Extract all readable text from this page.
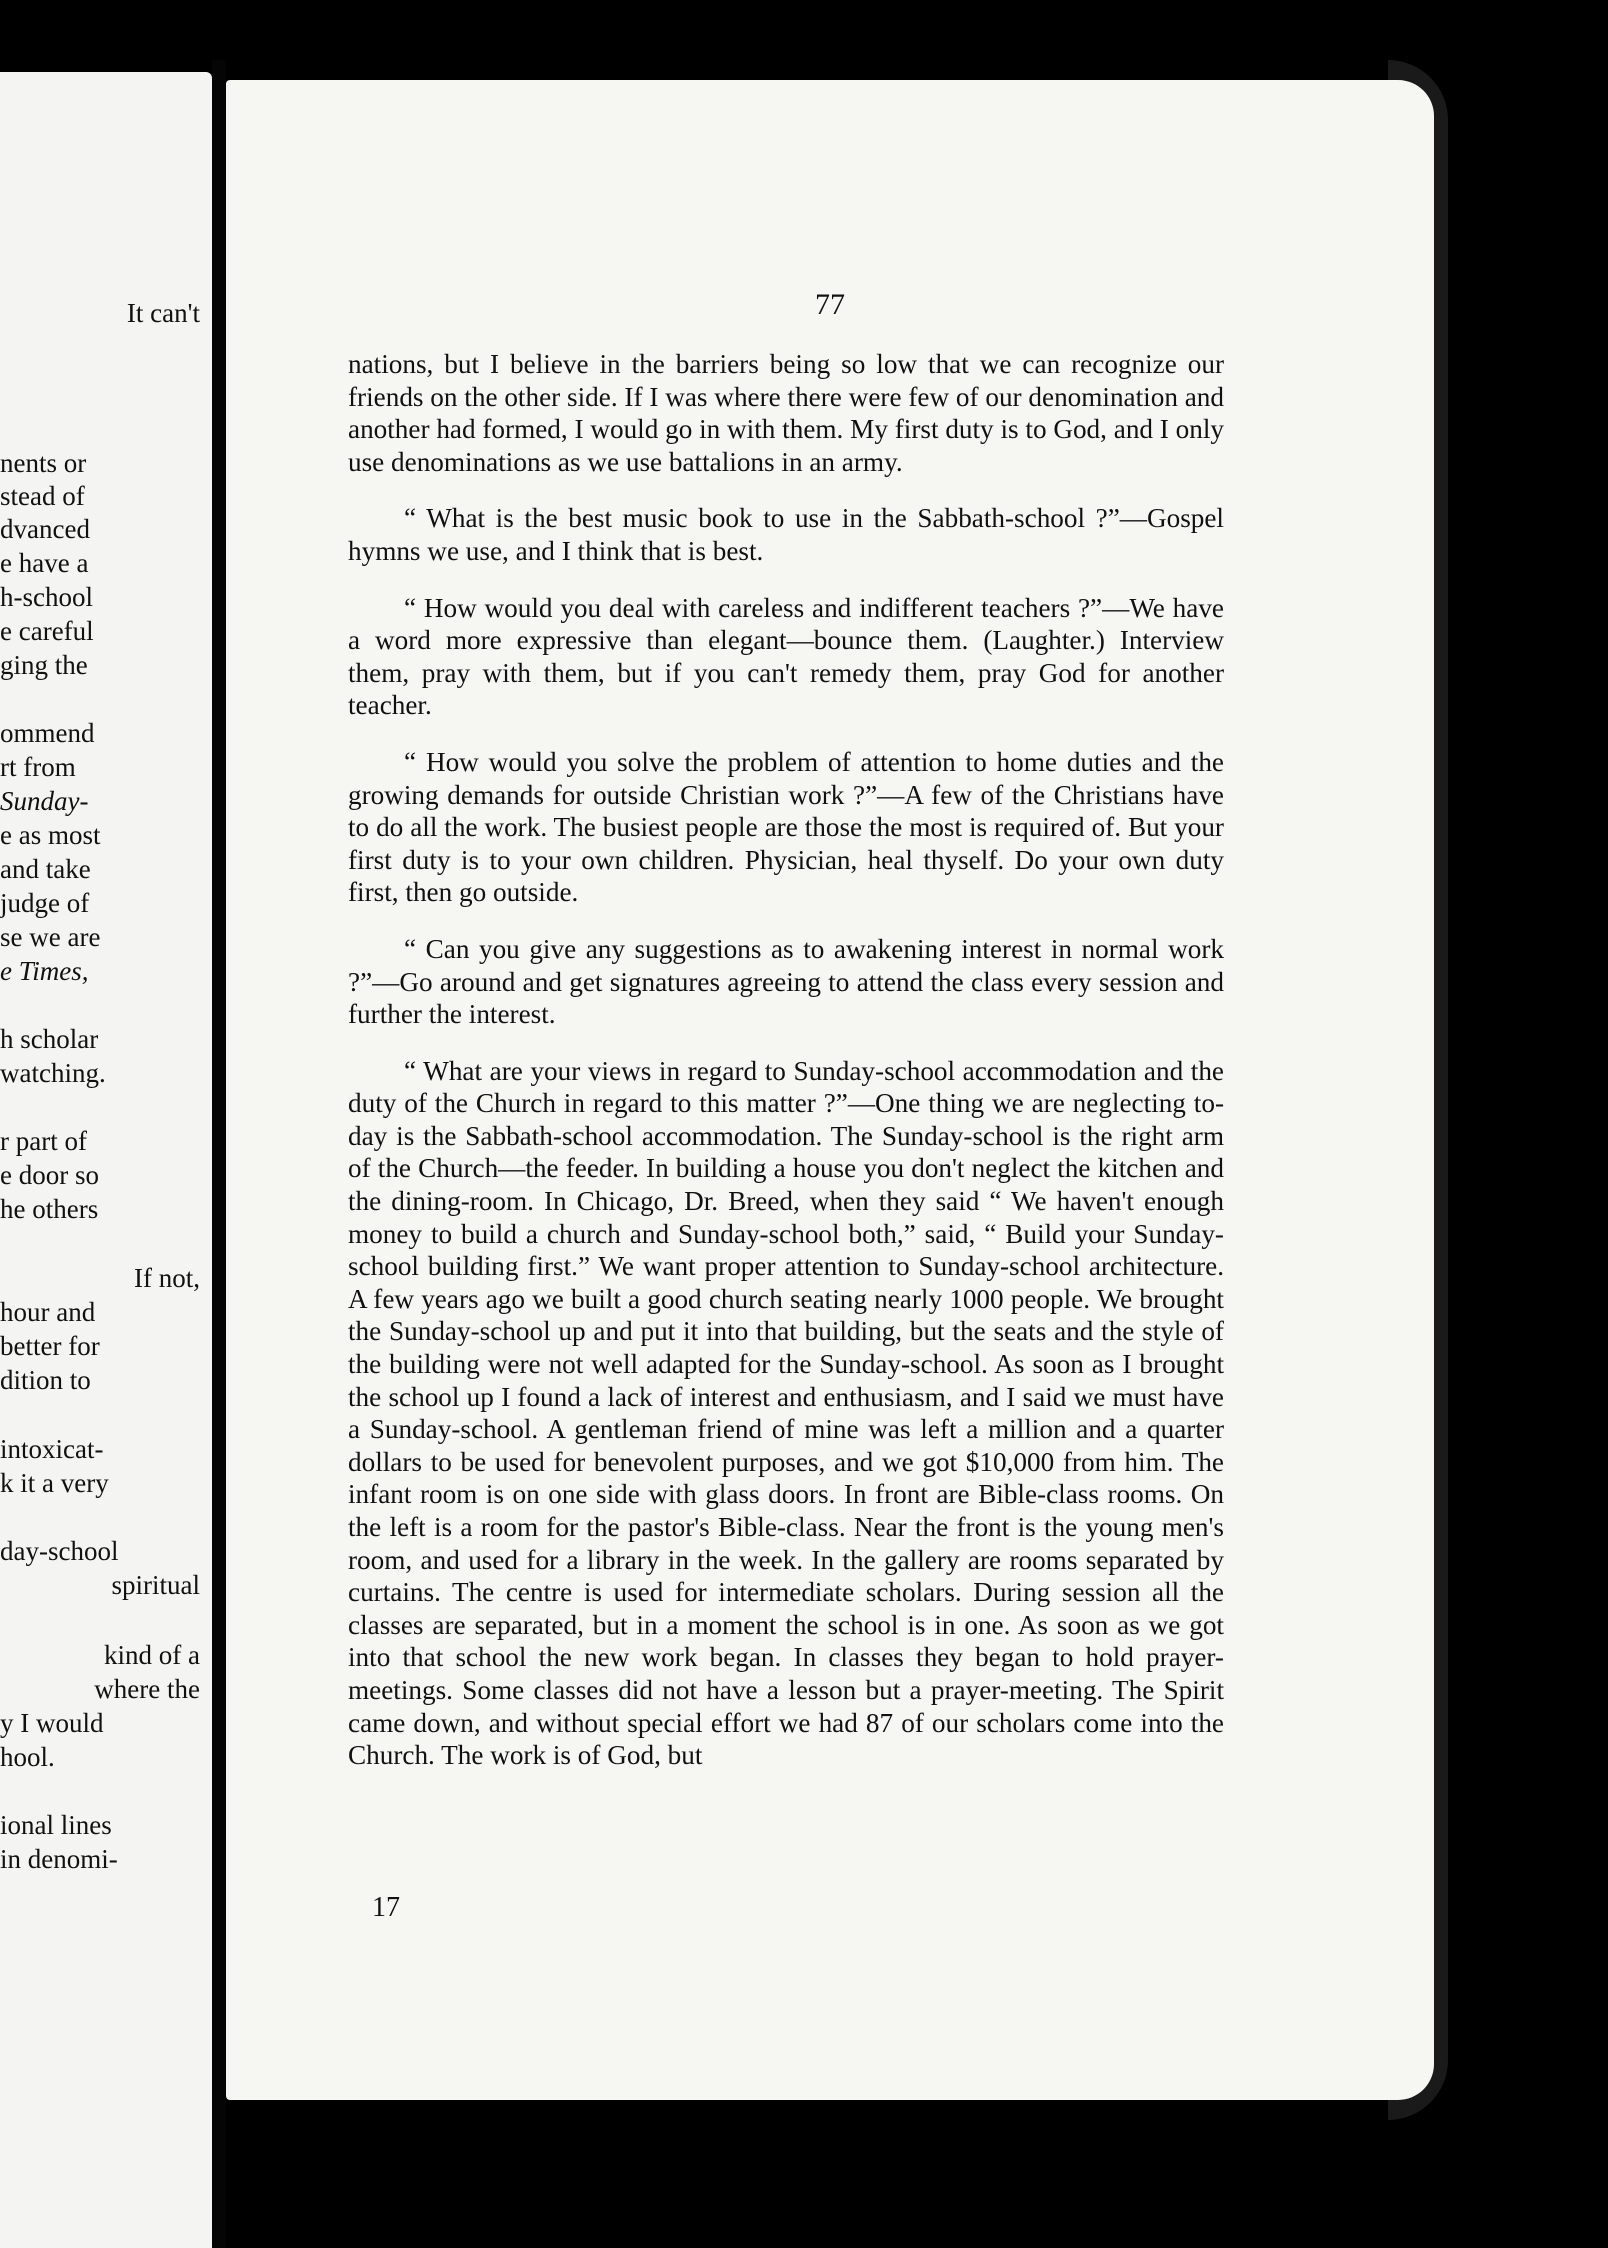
It can't
nents or
stead of
dvanced
e have a
h-school
e careful
ging the
ommend
rt from
Sunday-
e as most
and take
judge of
se we are
e Times,
h scholar
watching.
r part of
e door so
he others
If not,
hour and
better for
dition to
intoxicat-
k it a very
day-school
spiritual
kind of a
where the
y I would
hool.
ional lines
in denomi-
77

nations, but I believe in the barriers being so low that we can recognize our friends on the other side. If I was where there were few of our denomination and another had formed, I would go in with them. My first duty is to God, and I only use denominations as we use battalions in an army.

“ What is the best music book to use in the Sabbath-school ?”—Gospel hymns we use, and I think that is best.

“ How would you deal with careless and indifferent teachers ?”—We have a word more expressive than elegant—bounce them. (Laughter.) Interview them, pray with them, but if you can't remedy them, pray God for another teacher.

“ How would you solve the problem of attention to home duties and the growing demands for outside Christian work ?”—A few of the Christians have to do all the work. The busiest people are those the most is required of. But your first duty is to your own children. Physician, heal thyself. Do your own duty first, then go outside.

“ Can you give any suggestions as to awakening interest in normal work ?”—Go around and get signatures agreeing to attend the class every session and further the interest.

“ What are your views in regard to Sunday-school accommodation and the duty of the Church in regard to this matter ?”—One thing we are neglecting to-day is the Sabbath-school accommodation. The Sunday-school is the right arm of the Church—the feeder. In building a house you don't neglect the kitchen and the dining-room. In Chicago, Dr. Breed, when they said “ We haven't enough money to build a church and Sunday-school both,” said, “ Build your Sunday-school building first.” We want proper attention to Sunday-school architecture. A few years ago we built a good church seating nearly 1000 people. We brought the Sunday-school up and put it into that building, but the seats and the style of the building were not well adapted for the Sunday-school. As soon as I brought the school up I found a lack of interest and enthusiasm, and I said we must have a Sunday-school. A gentleman friend of mine was left a million and a quarter dollars to be used for benevolent purposes, and we got $10,000 from him. The infant room is on one side with glass doors. In front are Bible-class rooms. On the left is a room for the pastor's Bible-class. Near the front is the young men's room, and used for a library in the week. In the gallery are rooms separated by curtains. The centre is used for intermediate scholars. During session all the classes are separated, but in a moment the school is in one. As soon as we got into that school the new work began. In classes they began to hold prayer-meetings. Some classes did not have a lesson but a prayer-meeting. The Spirit came down, and without special effort we had 87 of our scholars come into the Church. The work is of God, but

17
